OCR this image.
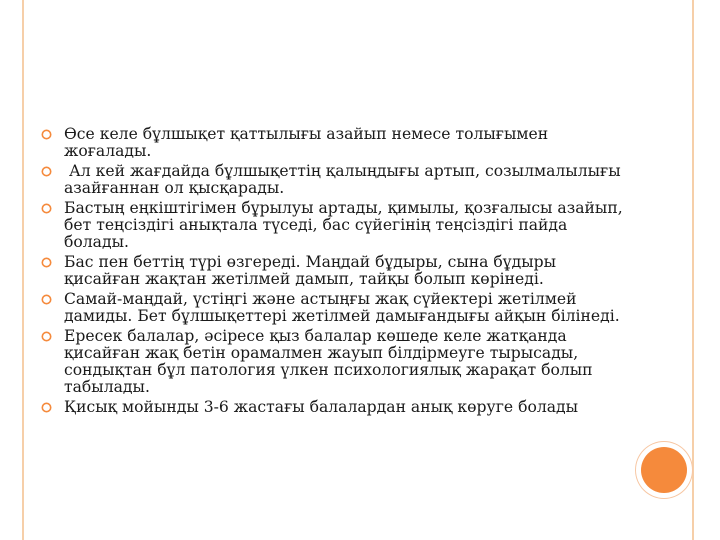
Өсе келе бұлшықет қаттылығы азайып немесе толығымен жоғалады.
Ал кей жағдайда бұлшықеттің қалыңдығы артып, созылмалылығы азайғаннан ол қысқарады.
Бастың еңкіштігімен бұрылуы артады, қимылы, қозғалысы азайып, бет теңсіздігі анықтала түседі, бас сүйегінің теңсіздігі пайда болады.
Бас пен беттің түрі өзгереді. Маңдай бұдыры, сына бұдыры қисайған жақтан жетілмей дамып, тайқы болып көрінеді.
Самай-маңдай, үстіңгі және астыңғы жақ сүйектері жетілмей дамиды. Бет бұлшықеттері жетілмей дамығандығы айқын білінеді.
Ересек балалар, әсіресе қыз балалар көшеде келе жатқанда қисайған жақ бетін орамалмен жауып білдірмеуге тырысады, сондықтан бұл патология үлкен психологиялық жарақат болып табылады.
Қисық мойынды 3-6 жастағы балалардан анық көруге болады
